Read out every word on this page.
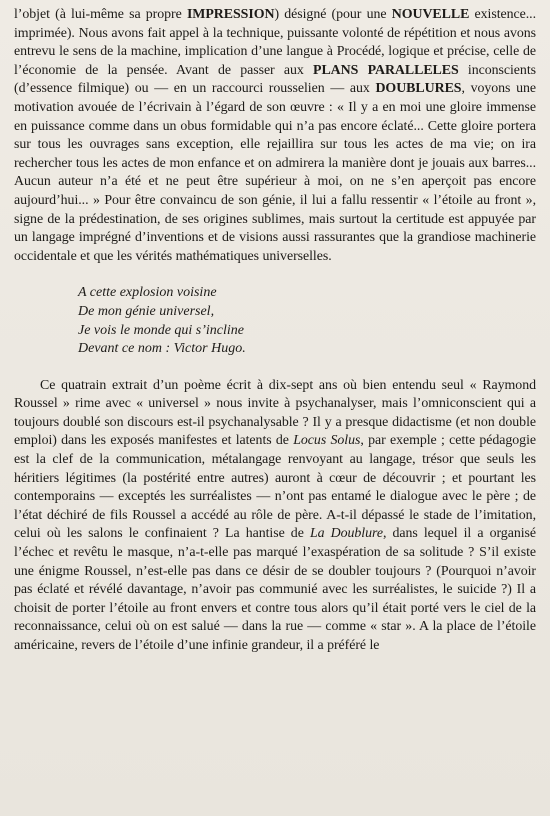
l’objet (à lui-même sa propre IMPRESSION) désigné (pour une NOUVELLE existence... imprimée). Nous avons fait appel à la technique, puissante volonté de répétition et nous avons entrevu le sens de la machine, implication d’une langue à Procédé, logique et précise, celle de l’économie de la pensée. Avant de passer aux PLANS PARALLELES inconscients (d’essence filmique) ou — en un raccourci rousselien — aux DOUBLURES, voyons une motivation avouée de l’écrivain à l’égard de son œuvre : « Il y a en moi une gloire immense en puissance comme dans un obus formidable qui n’a pas encore éclaté... Cette gloire portera sur tous les ouvrages sans exception, elle rejaillira sur tous les actes de ma vie; on ira rechercher tous les actes de mon enfance et on admirera la manière dont je jouais aux barres... Aucun auteur n’a été et ne peut être supérieur à moi, on ne s’en aperçoit pas encore aujourd’hui... » Pour être convaincu de son génie, il lui a fallu ressentir « l’étoile au front », signe de la prédestination, de ses origines sublimes, mais surtout la certitude est appuyée par un langage imprégné d’inventions et de visions aussi rassurantes que la grandiose machinerie occidentale et que les vérités mathématiques universelles.

A cette explosion voisine
De mon génie universel,
Je vois le monde qui s’incline
Devant ce nom : Victor Hugo.

Ce quatrain extrait d’un poème écrit à dix-sept ans où bien entendu seul « Raymond Roussel » rime avec « universel » nous invite à psychanalyser, mais l’omniconscient qui a toujours doublé son discours est-il psychanalysable ? Il y a presque didactisme (et non double emploi) dans les exposés manifestes et latents de Locus Solus, par exemple ; cette pédagogie est la clef de la communication, métalangage renvoyant au langage, trésor que seuls les héritiers légitimes (la postérité entre autres) auront à cœur de découvrir ; et pourtant les contemporains — exceptés les surréalistes — n’ont pas entamé le dialogue avec le père ; de l’état déchiré de fils Roussel a accédé au rôle de père. A-t-il dépassé le stade de l’imitation, celui où les salons le confinaient ? La hantise de La Doublure, dans lequel il a organisé l’échec et revêtu le masque, n’a-t-elle pas marqué l’exaspération de sa solitude ? S’il existe une énigme Roussel, n’est-elle pas dans ce désir de se doubler toujours ? (Pourquoi n’avoir pas éclaté et révélé davantage, n’avoir pas communié avec les surréalistes, le suicide ?) Il a choisit de porter l’étoile au front envers et contre tous alors qu’il était porté vers le ciel de la reconnaissance, celui où on est salué — dans la rue — comme « star ». A la place de l’étoile américaine, revers de l’étoile d’une infinie grandeur, il a préféré le
